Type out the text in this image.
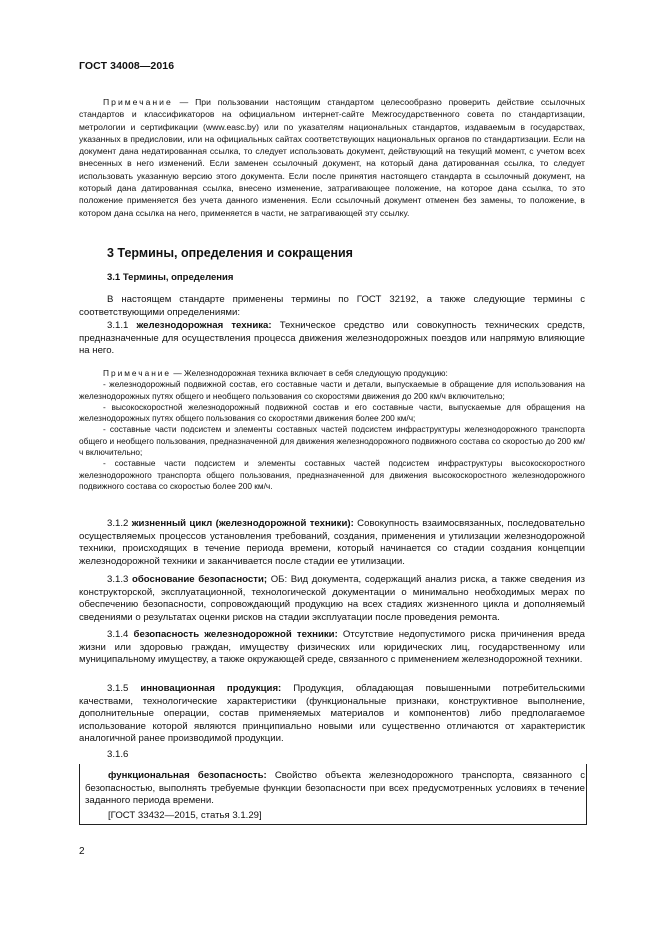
ГОСТ 34008—2016
Примечание — При пользовании настоящим стандартом целесообразно проверить действие ссылочных стандартов и классификаторов на официальном интернет-сайте Межгосударственного совета по стандартизации, метрологии и сертификации (www.easc.by) или по указателям национальных стандартов, издаваемым в государствах, указанных в предисловии, или на официальных сайтах соответствующих национальных органов по стандартизации. Если на документ дана недатированная ссылка, то следует использовать документ, действующий на текущий момент, с учетом всех внесенных в него изменений. Если заменен ссылочный документ, на который дана датированная ссылка, то следует использовать указанную версию этого документа. Если после принятия настоящего стандарта в ссылочный документ, на который дана датированная ссылка, внесено изменение, затрагивающее положение, на которое дана ссылка, то это положение применяется без учета данного изменения. Если ссылочный документ отменен без замены, то положение, в котором дана ссылка на него, применяется в части, не затрагивающей эту ссылку.
3 Термины, определения и сокращения
3.1 Термины, определения
В настоящем стандарте применены термины по ГОСТ 32192, а также следующие термины с соответствующими определениями:
3.1.1 железнодорожная техника: Техническое средство или совокупность технических средств, предназначенные для осуществления процесса движения железнодорожных поездов или напрямую влияющие на него.
Примечание — Железнодорожная техника включает в себя следующую продукцию:
- железнодорожный подвижной состав, его составные части и детали, выпускаемые в обращение для использования на железнодорожных путях общего и необщего пользования со скоростями движения до 200 км/ч включительно;
- высокоскоростной железнодорожный подвижной состав и его составные части, выпускаемые для обращения на железнодорожных путях общего пользования со скоростями движения более 200 км/ч;
- составные части подсистем и элементы составных частей подсистем инфраструктуры железнодорожного транспорта общего и необщего пользования, предназначенной для движения железнодорожного подвижного состава со скоростью до 200 км/ч включительно;
- составные части подсистем и элементы составных частей подсистем инфраструктуры высокоскоростного железнодорожного транспорта общего пользования, предназначенной для движения высокоскоростного железнодорожного подвижного состава со скоростью более 200 км/ч.
3.1.2 жизненный цикл (железнодорожной техники): Совокупность взаимосвязанных, последовательно осуществляемых процессов установления требований, создания, применения и утилизации железнодорожной техники, происходящих в течение периода времени, который начинается со стадии создания концепции железнодорожной техники и заканчивается после стадии ее утилизации.
3.1.3 обоснование безопасности; ОБ: Вид документа, содержащий анализ риска, а также сведения из конструкторской, эксплуатационной, технологической документации о минимально необходимых мерах по обеспечению безопасности, сопровождающий продукцию на всех стадиях жизненного цикла и дополняемый сведениями о результатах оценки рисков на стадии эксплуатации после проведения ремонта.
3.1.4 безопасность железнодорожной техники: Отсутствие недопустимого риска причинения вреда жизни или здоровью граждан, имуществу физических или юридических лиц, государственному или муниципальному имуществу, а также окружающей среде, связанного с применением железнодорожной техники.
3.1.5 инновационная продукция: Продукция, обладающая повышенными потребительскими качествами, технологические характеристики (функциональные признаки, конструктивное выполнение, дополнительные операции, состав применяемых материалов и компонентов) либо предполагаемое использование которой являются принципиально новыми или существенно отличаются от характеристик аналогичной ранее производимой продукции.
3.1.6
функциональная безопасность: Свойство объекта железнодорожного транспорта, связанного с безопасностью, выполнять требуемые функции безопасности при всех предусмотренных условиях в течение заданного периода времени.
[ГОСТ 33432—2015, статья 3.1.29]
2
